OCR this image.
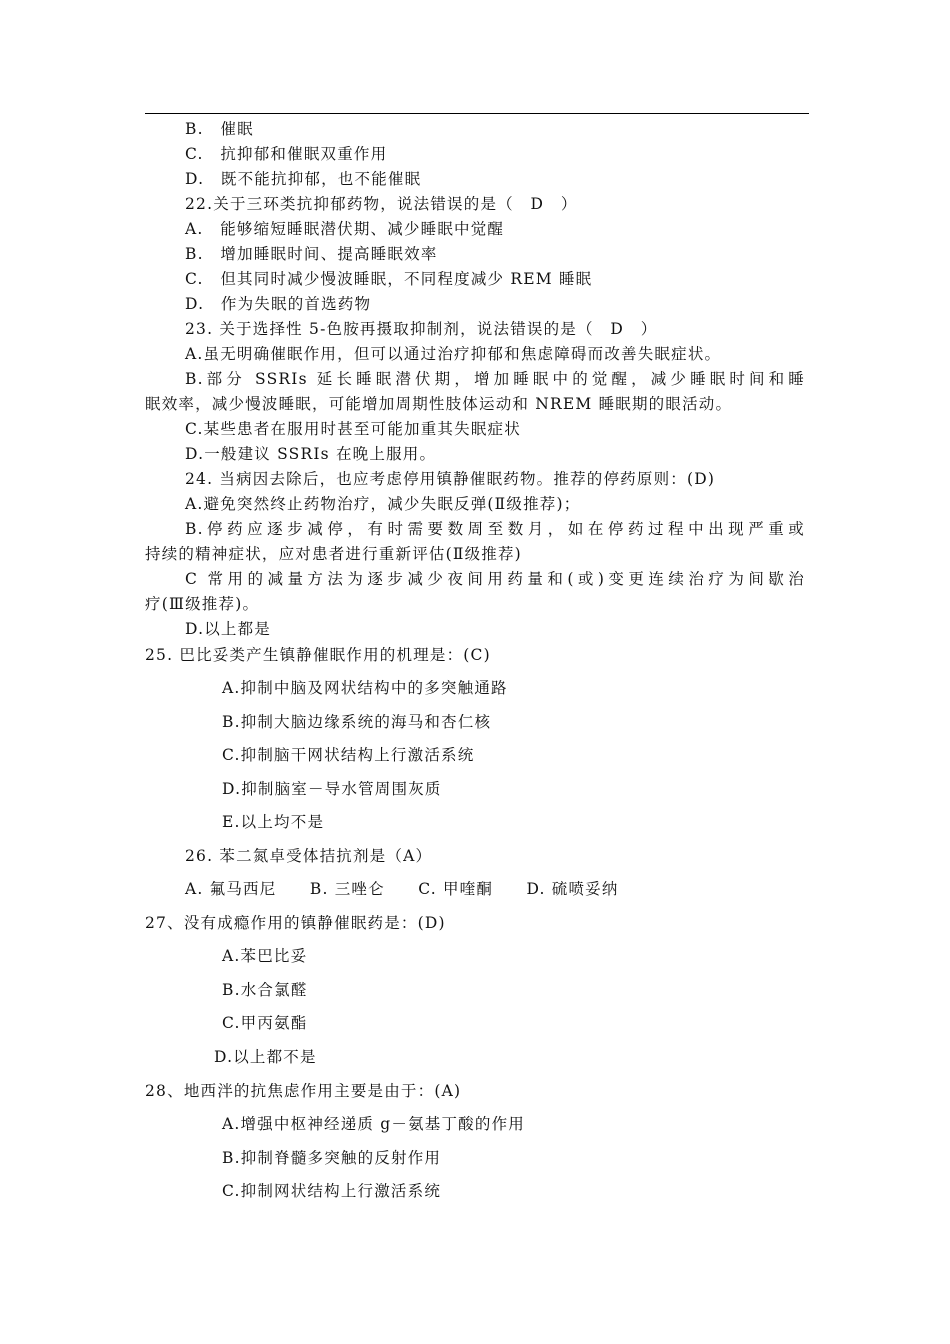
B.　催眠
C.　抗抑郁和催眠双重作用
D.　既不能抗抑郁，也不能催眠
22.关于三环类抗抑郁药物，说法错误的是（　D　）
A.　能够缩短睡眠潜伏期、减少睡眠中觉醒
B.　增加睡眠时间、提高睡眠效率
C.　但其同时减少慢波睡眠，不同程度减少 REM 睡眠
D.　作为失眠的首选药物
23. 关于选择性 5-色胺再摄取抑制剂，说法错误的是（　D　）
A.虽无明确催眠作用，但可以通过治疗抑郁和焦虑障碍而改善失眠症状。
B.部分 SSRIs 延长睡眠潜伏期，增加睡眠中的觉醒，减少睡眠时间和睡
眠效率，减少慢波睡眠，可能增加周期性肢体运动和 NREM 睡眠期的眼活动。
C.某些患者在服用时甚至可能加重其失眠症状
D.一般建议 SSRIs 在晚上服用。
24. 当病因去除后，也应考虑停用镇静催眠药物。推荐的停药原则：(D)
A.避免突然终止药物治疗，减少失眠反弹(Ⅱ级推荐)；
B.停药应逐步减停，有时需要数周至数月，如在停药过程中出现严重或
持续的精神症状，应对患者进行重新评估(Ⅱ级推荐)
C 常用的减量方法为逐步减少夜间用药量和(或)变更连续治疗为间歇治
疗(Ⅲ级推荐)。
D.以上都是
25. 巴比妥类产生镇静催眠作用的机理是：(C)
A.抑制中脑及网状结构中的多突触通路
B.抑制大脑边缘系统的海马和杏仁核
C.抑制脑干网状结构上行激活系统
D.抑制脑室－导水管周围灰质
E.以上均不是
26. 苯二氮卓受体拮抗剂是（A）
A. 氟马西尼　　B. 三唑仑　　C. 甲喹酮　　D. 硫喷妥纳
27、没有成瘾作用的镇静催眠药是：(D)
A.苯巴比妥
B.水合氯醛
C.甲丙氨酯
D.以上都不是
28、地西泮的抗焦虑作用主要是由于：(A)
A.增强中枢神经递质 g－氨基丁酸的作用
B.抑制脊髓多突触的反射作用
C.抑制网状结构上行激活系统
